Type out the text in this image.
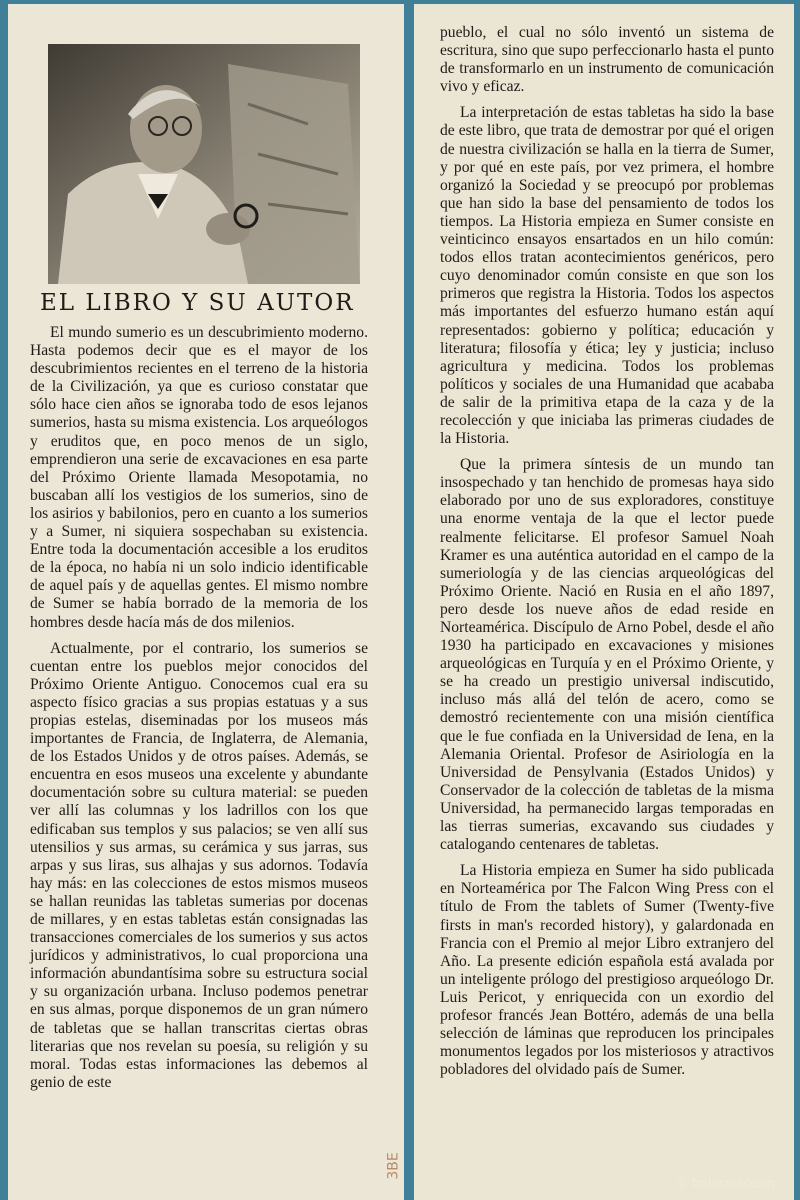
EL LIBRO Y SU AUTOR

El mundo sumerio es un descubrimiento moderno. Hasta podemos decir que es el mayor de los descubrimientos recientes en el terreno de la historia de la Civilización, ya que es curioso constatar que sólo hace cien años se ignoraba todo de esos lejanos sumerios, hasta su misma existencia. Los arqueólogos y eruditos que, en poco menos de un siglo, emprendieron una serie de excavaciones en esa parte del Próximo Oriente llamada Mesopotamia, no buscaban allí los vestigios de los sumerios, sino de los asirios y babilonios, pero en cuanto a los sumerios y a Sumer, ni siquiera sospechaban su existencia. Entre toda la documentación accesible a los eruditos de la época, no había ni un solo indicio identificable de aquel país y de aquellas gentes. El mismo nombre de Sumer se había borrado de la memoria de los hombres desde hacía más de dos milenios.

Actualmente, por el contrario, los sumerios se cuentan entre los pueblos mejor conocidos del Próximo Oriente Antiguo. Conocemos cual era su aspecto físico gracias a sus propias estatuas y a sus propias estelas, diseminadas por los museos más importantes de Francia, de Inglaterra, de Alemania, de los Estados Unidos y de otros países. Además, se encuentra en esos museos una excelente y abundante documentación sobre su cultura material: se pueden ver allí las columnas y los ladrillos con los que edificaban sus templos y sus palacios; se ven allí sus utensilios y sus armas, su cerámica y sus jarras, sus arpas y sus liras, sus alhajas y sus adornos. Todavía hay más: en las colecciones de estos mismos museos se hallan reunidas las tabletas sumerias por docenas de millares, y en estas tabletas están consignadas las transacciones comerciales de los sumerios y sus actos jurídicos y administrativos, lo cual proporciona una información abundantísima sobre su estructura social y su organización urbana. Incluso podemos penetrar en sus almas, porque disponemos de un gran número de tabletas que se hallan transcritas ciertas obras literarias que nos revelan su poesía, su religión y su moral. Todas estas informaciones las debemos al genio de este

pueblo, el cual no sólo inventó un sistema de escritura, sino que supo perfeccionarlo hasta el punto de transformarlo en un instrumento de comunicación vivo y eficaz.

La interpretación de estas tabletas ha sido la base de este libro, que trata de demostrar por qué el origen de nuestra civilización se halla en la tierra de Sumer, y por qué en este país, por vez primera, el hombre organizó la Sociedad y se preocupó por problemas que han sido la base del pensamiento de todos los tiempos. La Historia empieza en Sumer consiste en veinticinco ensayos ensartados en un hilo común: todos ellos tratan acontecimientos genéricos, pero cuyo denominador común consiste en que son los primeros que registra la Historia. Todos los aspectos más importantes del esfuerzo humano están aquí representados: gobierno y política; educación y literatura; filosofía y ética; ley y justicia; incluso agricultura y medicina. Todos los problemas políticos y sociales de una Humanidad que acababa de salir de la primitiva etapa de la caza y de la recolección y que iniciaba las primeras ciudades de la Historia.

Que la primera síntesis de un mundo tan insospechado y tan henchido de promesas haya sido elaborado por uno de sus exploradores, constituye una enorme ventaja de la que el lector puede realmente felicitarse. El profesor Samuel Noah Kramer es una auténtica autoridad en el campo de la sumeriología y de las ciencias arqueológicas del Próximo Oriente. Nació en Rusia en el año 1897, pero desde los nueve años de edad reside en Norteamérica. Discípulo de Arno Pobel, desde el año 1930 ha participado en excavaciones y misiones arqueológicas en Turquía y en el Próximo Oriente, y se ha creado un prestigio universal indiscutido, incluso más allá del telón de acero, como se demostró recientemente con una misión científica que le fue confiada en la Universidad de Iena, en la Alemania Oriental. Profesor de Asiriología en la Universidad de Pensylvania (Estados Unidos) y Conservador de la colección de tabletas de la misma Universidad, ha permanecido largas temporadas en las tierras sumerias, excavando sus ciudades y catalogando centenares de tabletas.

La Historia empieza en Sumer ha sido publicada en Norteamérica por The Falcon Wing Press con el título de From the tablets of Sumer (Twenty-five firsts in man's recorded history), y galardonada en Francia con el Premio al mejor Libro extranjero del Año. La presente edición española está avalada por un inteligente prólogo del prestigioso arqueólogo Dr. Luis Pericot, y enriquecida con un exordio del profesor francés Jean Bottéro, además de una bella selección de láminas que reproducen los principales monumentos legados por los misteriosos y atractivos pobladores del olvidado país de Sumer.

3BE
© todocoleccion
